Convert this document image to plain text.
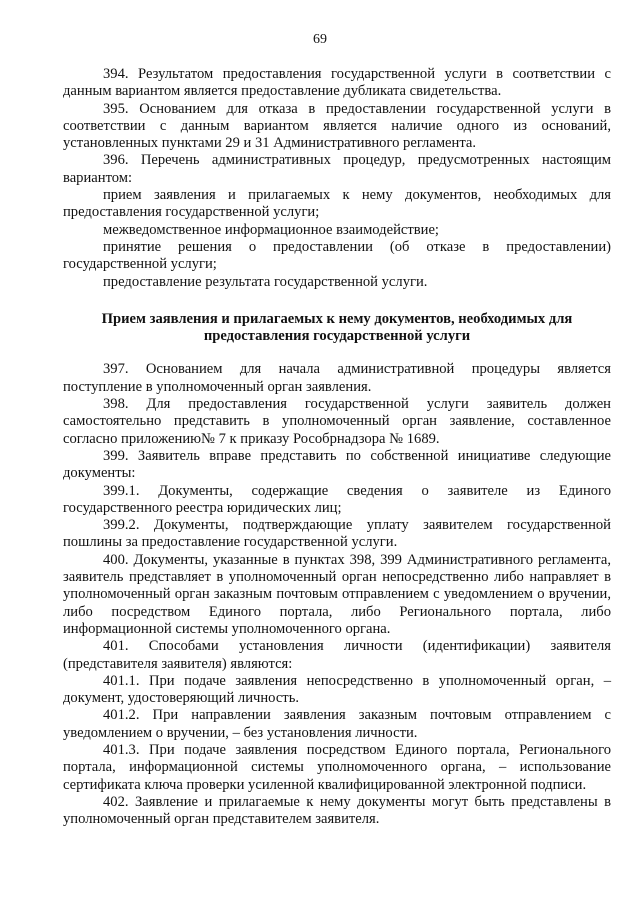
69

394. Результатом предоставления государственной услуги в соответствии с данным вариантом является предоставление дубликата свидетельства.

395. Основанием для отказа в предоставлении государственной услуги в соответствии с данным вариантом является наличие одного из оснований, установленных пунктами 29 и 31 Административного регламента.

396. Перечень административных процедур, предусмотренных настоящим вариантом:

прием заявления и прилагаемых к нему документов, необходимых для предоставления государственной услуги;

межведомственное информационное взаимодействие;

принятие решения о предоставлении (об отказе в предоставлении) государственной услуги;

предоставление результата государственной услуги.

Прием заявления и прилагаемых к нему документов, необходимых для предоставления государственной услуги

397. Основанием для начала административной процедуры является поступление в уполномоченный орган заявления.

398. Для предоставления государственной услуги заявитель должен самостоятельно представить в уполномоченный орган заявление, составленное согласно приложению№ 7 к приказу Рособрнадзора № 1689.

399. Заявитель вправе представить по собственной инициативе следующие документы:

399.1. Документы, содержащие сведения о заявителе из Единого государственного реестра юридических лиц;

399.2. Документы, подтверждающие уплату заявителем государственной пошлины за предоставление государственной услуги.

400. Документы, указанные в пунктах 398, 399 Административного регламента, заявитель представляет в уполномоченный орган непосредственно либо направляет в уполномоченный орган заказным почтовым отправлением с уведомлением о вручении, либо посредством Единого портала, либо Регионального портала, либо информационной системы уполномоченного органа.

401. Способами установления личности (идентификации) заявителя (представителя заявителя) являются:

401.1. При подаче заявления непосредственно в уполномоченный орган, – документ, удостоверяющий личность.

401.2. При направлении заявления заказным почтовым отправлением с уведомлением о вручении, – без установления личности.

401.3. При подаче заявления посредством Единого портала, Регионального портала, информационной системы уполномоченного органа, – использование сертификата ключа проверки усиленной квалифицированной электронной подписи.

402. Заявление и прилагаемые к нему документы могут быть представлены в уполномоченный орган представителем заявителя.
